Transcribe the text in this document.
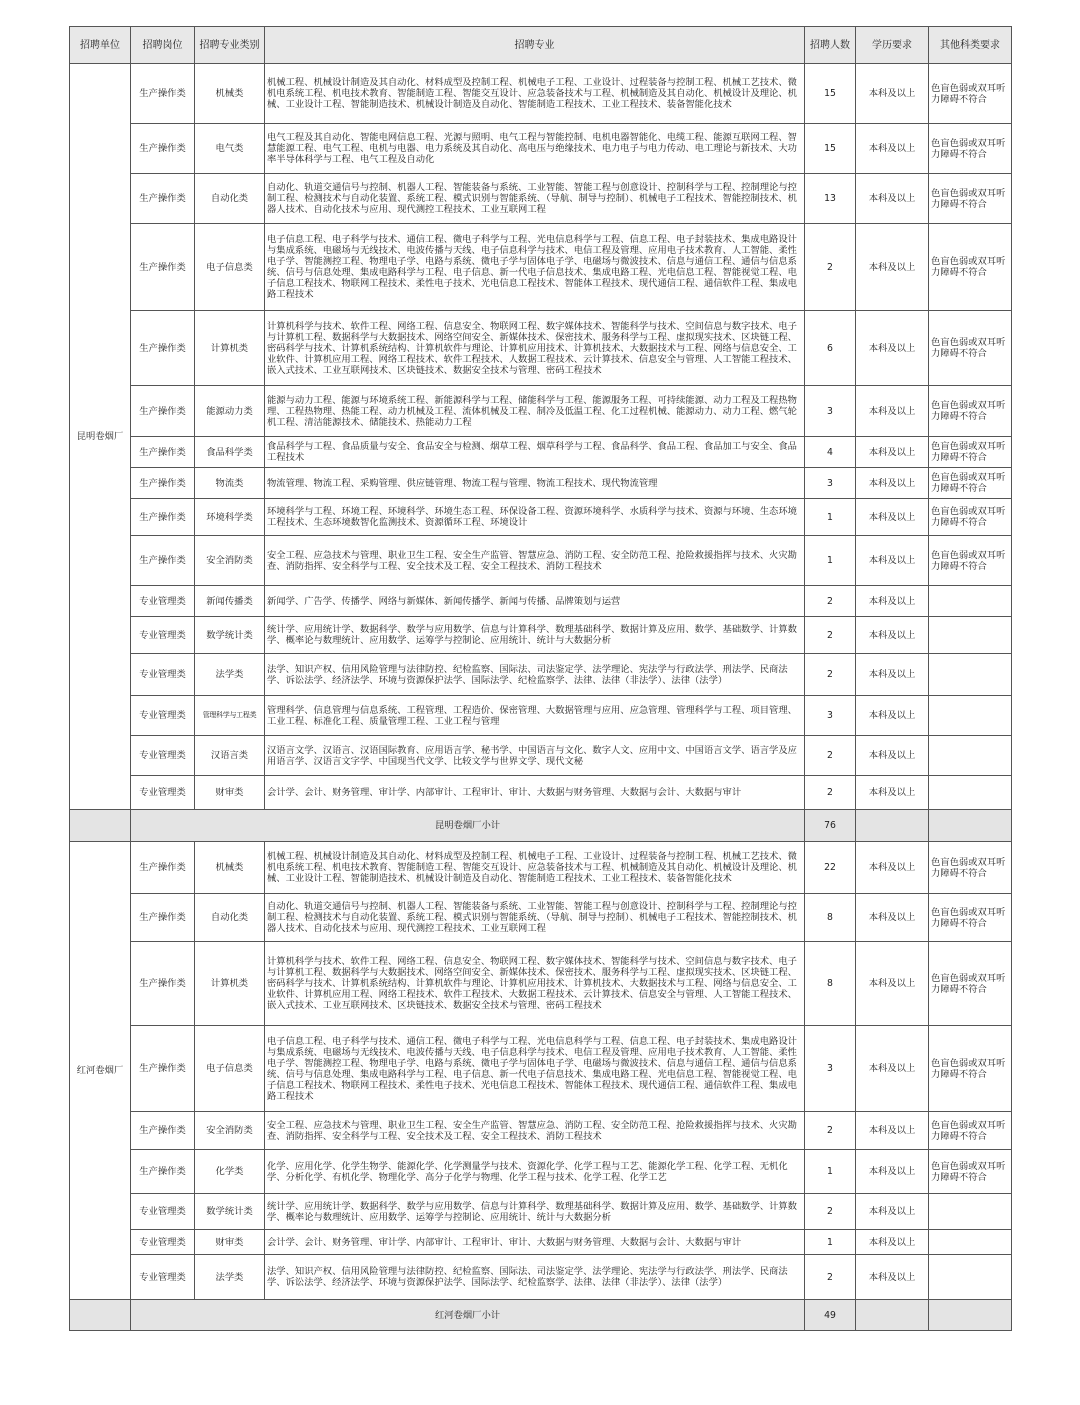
招聘单位	招聘岗位	招聘专业类别	招聘专业	招聘人数	学历要求	其他科类要求
昆明卷烟厂	生产操作类	机械类	机械工程、机械设计制造及其自动化、材料成型及控制工程、机械电子工程、工业设计、过程装备与控制工程、机械工艺技术、微机电系统工程、机电技术教育、智能制造工程、智能交互设计、应急装备技术与工程、机械制造及其自动化、机械设计及理论、机械、工业设计工程、智能制造技术、机械设计制造及自动化、智能制造工程技术、工业工程技术、装备智能化技术	15	本科及以上	色盲色弱或双耳听力障碍不符合
	生产操作类	电气类	电气工程及其自动化、智能电网信息工程、光源与照明、电气工程与智能控制、电机电器智能化、电缆工程、能源互联网工程、智慧能源工程、电气工程、电机与电器、电力系统及其自动化、高电压与绝缘技术、电力电子与电力传动、电工理论与新技术、大功率半导体科学与工程、电气工程及自动化	15	本科及以上	色盲色弱或双耳听力障碍不符合
	生产操作类	自动化类	自动化、轨道交通信号与控制、机器人工程、智能装备与系统、工业智能、智能工程与创意设计、控制科学与工程、控制理论与控制工程、检测技术与自动化装置、系统工程、模式识别与智能系统、（导航、制导与控制）、机械电子工程技术、智能控制技术、机器人技术、自动化技术与应用、现代测控工程技术、工业互联网工程	13	本科及以上	色盲色弱或双耳听力障碍不符合
	生产操作类	电子信息类	电子信息工程、电子科学与技术、通信工程、微电子科学与工程、光电信息科学与工程、信息工程、电子封装技术、集成电路设计与集成系统、电磁场与无线技术、电波传播与天线、电子信息科学与技术、电信工程及管理、应用电子技术教育、人工智能、柔性电子学、智能测控工程、物理电子学、电路与系统、微电子学与固体电子学、电磁场与微波技术、信息与通信工程、通信与信息系统、信号与信息处理、集成电路科学与工程、电子信息、新一代电子信息技术、集成电路工程、光电信息工程、智能视觉工程、电子信息工程技术、物联网工程技术、柔性电子技术、光电信息工程技术、智能体工程技术、现代通信工程、通信软件工程、集成电路工程技术	2	本科及以上	色盲色弱或双耳听力障碍不符合
	生产操作类	计算机类	计算机科学与技术、软件工程、网络工程、信息安全、物联网工程、数字媒体技术、智能科学与技术、空间信息与数字技术、电子与计算机工程、数据科学与大数据技术、网络空间安全、新媒体技术、保密技术、服务科学与工程、虚拟现实技术、区块链工程、密码科学与技术、计算机系统结构、计算机软件与理论、计算机应用技术、计算机技术、大数据技术与工程、网络与信息安全、工业软件、计算机应用工程、网络工程技术、软件工程技术、人数据工程技术、云计算技术、信息安全与管理、人工智能工程技术、嵌入式技术、工业互联网技术、区块链技术、数据安全技术与管理、密码工程技术	6	本科及以上	色盲色弱或双耳听力障碍不符合
	生产操作类	能源动力类	能源与动力工程、能源与环境系统工程、新能源科学与工程、储能科学与工程、能源服务工程、可持续能源、动力工程及工程热物理、工程热物理、热能工程、动力机械及工程、流体机械及工程、制冷及低温工程、化工过程机械、能源动力、动力工程、燃气轮机工程、清洁能源技术、储能技术、热能动力工程	3	本科及以上	色盲色弱或双耳听力障碍不符合
	生产操作类	食品科学类	食品科学与工程、食品质量与安全、食品安全与检测、烟草工程、烟草科学与工程、食品科学、食品工程、食品加工与安全、食品工程技术	4	本科及以上	色盲色弱或双耳听力障碍不符合
	生产操作类	物流类	物流管理、物流工程、采购管理、供应链管理、物流工程与管理、物流工程技术、现代物流管理	3	本科及以上	色盲色弱或双耳听力障碍不符合
	生产操作类	环境科学类	环境科学与工程、环境工程、环境科学、环境生态工程、环保设备工程、资源环境科学、水质科学与技术、资源与环境、生态环境工程技术、生态环境数智化监测技术、资源循环工程、环境设计	1	本科及以上	色盲色弱或双耳听力障碍不符合
	生产操作类	安全消防类	安全工程、应急技术与管理、职业卫生工程、安全生产监管、智慧应急、消防工程、安全防范工程、抢险救援指挥与技术、火灾勘查、消防指挥、安全科学与工程、安全技术及工程、安全工程技术、消防工程技术	1	本科及以上	色盲色弱或双耳听力障碍不符合
	专业管理类	新闻传播类	新闻学、广告学、传播学、网络与新媒体、新闻传播学、新闻与传播、品牌策划与运营	2	本科及以上	
	专业管理类	数学统计类	统计学、应用统计学、数据科学、数学与应用数学、信息与计算科学、数理基础科学、数据计算及应用、数学、基础数学、计算数学、概率论与数理统计、应用数学、运筹学与控制论、应用统计、统计与大数据分析	2	本科及以上	
	专业管理类	法学类	法学、知识产权、信用风险管理与法律防控、纪检监察、国际法、司法鉴定学、法学理论、宪法学与行政法学、刑法学、民商法学、诉讼法学、经济法学、环境与资源保护法学、国际法学、纪检监察学、法律、法律（非法学）、法律（法学）	2	本科及以上	
	专业管理类	管理科学与工程类	管理科学、信息管理与信息系统、工程管理、工程造价、保密管理、大数据管理与应用、应急管理、管理科学与工程、项目管理、工业工程、标准化工程、质量管理工程、工业工程与管理	3	本科及以上	
	专业管理类	汉语言类	汉语言文学、汉语言、汉语国际教育、应用语言学、秘书学、中国语言与文化、数字人文、应用中文、中国语言文学、语言学及应用语言学、汉语言文字学、中国现当代文学、比较文学与世界文学、现代文秘	2	本科及以上	
	专业管理类	财审类	会计学、会计、财务管理、审计学、内部审计、工程审计、审计、大数据与财务管理、大数据与会计、大数据与审计	2	本科及以上	
	昆明卷烟厂小计			76		
红河卷烟厂	生产操作类	机械类	机械工程、机械设计制造及其自动化、材料成型及控制工程、机械电子工程、工业设计、过程装备与控制工程、机械工艺技术、微机电系统工程、机电技术教育、智能制造工程、智能交互设计、应急装备技术与工程、机械制造及其自动化、机械设计及理论、机械、工业设计工程、智能制造技术、机械设计制造及自动化、智能制造工程技术、工业工程技术、装备智能化技术	22	本科及以上	色盲色弱或双耳听力障碍不符合
	生产操作类	自动化类	自动化、轨道交通信号与控制、机器人工程、智能装备与系统、工业智能、智能工程与创意设计、控制科学与工程、控制理论与控制工程、检测技术与自动化装置、系统工程、模式识别与智能系统、（导航、制导与控制）、机械电子工程技术、智能控制技术、机器人技术、自动化技术与应用、现代测控工程技术、工业互联网工程	8	本科及以上	色盲色弱或双耳听力障碍不符合
	生产操作类	计算机类	计算机科学与技术、软件工程、网络工程、信息安全、物联网工程、数字媒体技术、智能科学与技术、空间信息与数字技术、电子与计算机工程、数据科学与大数据技术、网络空间安全、新媒体技术、保密技术、服务科学与工程、虚拟现实技术、区块链工程、密码科学与技术、计算机系统结构、计算机软件与理论、计算机应用技术、计算机技术、大数据技术与工程、网络与信息安全、工业软件、计算机应用工程、网络工程技术、软件工程技术、大数据工程技术、云计算技术、信息安全与管理、人工智能工程技术、嵌入式技术、工业互联网技术、区块链技术、数据安全技术与管理、密码工程技术	8	本科及以上	色盲色弱或双耳听力障碍不符合
	生产操作类	电子信息类	电子信息工程、电子科学与技术、通信工程、微电子科学与工程、光电信息科学与工程、信息工程、电子封装技术、集成电路设计与集成系统、电磁场与无线技术、电波传播与天线、电子信息科学与技术、电信工程及管理、应用电子技术教育、人工智能、柔性电子学、智能测控工程、物理电子学、电路与系统、微电子学与固体电子学、电磁场与微波技术、信息与通信工程、通信与信息系统、信号与信息处理、集成电路科学与工程、电子信息、新一代电子信息技术、集成电路工程、光电信息工程、智能视觉工程、电子信息工程技术、物联网工程技术、柔性电子技术、光电信息工程技术、智能体工程技术、现代通信工程、通信软件工程、集成电路工程技术	3	本科及以上	色盲色弱或双耳听力障碍不符合
	生产操作类	安全消防类	安全工程、应急技术与管理、职业卫生工程、安全生产监管、智慧应急、消防工程、安全防范工程、抢险救援指挥与技术、火灾勘查、消防指挥、安全科学与工程、安全技术及工程、安全工程技术、消防工程技术	2	本科及以上	色盲色弱或双耳听力障碍不符合
	生产操作类	化学类	化学、应用化学、化学生物学、能源化学、化学测量学与技术、资源化学、化学工程与工艺、能源化学工程、化学工程、无机化学、分析化学、有机化学、物理化学、高分子化学与物理、化学工程与技术、化学工程、化学工艺	1	本科及以上	色盲色弱或双耳听力障碍不符合
	专业管理类	数学统计类	统计学、应用统计学、数据科学、数学与应用数学、信息与计算科学、数理基础科学、数据计算及应用、数学、基础数学、计算数学、概率论与数理统计、应用数学、运筹学与控制论、应用统计、统计与大数据分析	2	本科及以上	
	专业管理类	财审类	会计学、会计、财务管理、审计学、内部审计、工程审计、审计、大数据与财务管理、大数据与会计、大数据与审计	1	本科及以上	
	专业管理类	法学类	法学、知识产权、信用风险管理与法律防控、纪检监察、国际法、司法鉴定学、法学理论、宪法学与行政法学、刑法学、民商法学、诉讼法学、经济法学、环境与资源保护法学、国际法学、纪检监察学、法律、法律（非法学）、法律（法学）	2	本科及以上	
	红河卷烟厂小计			49		
